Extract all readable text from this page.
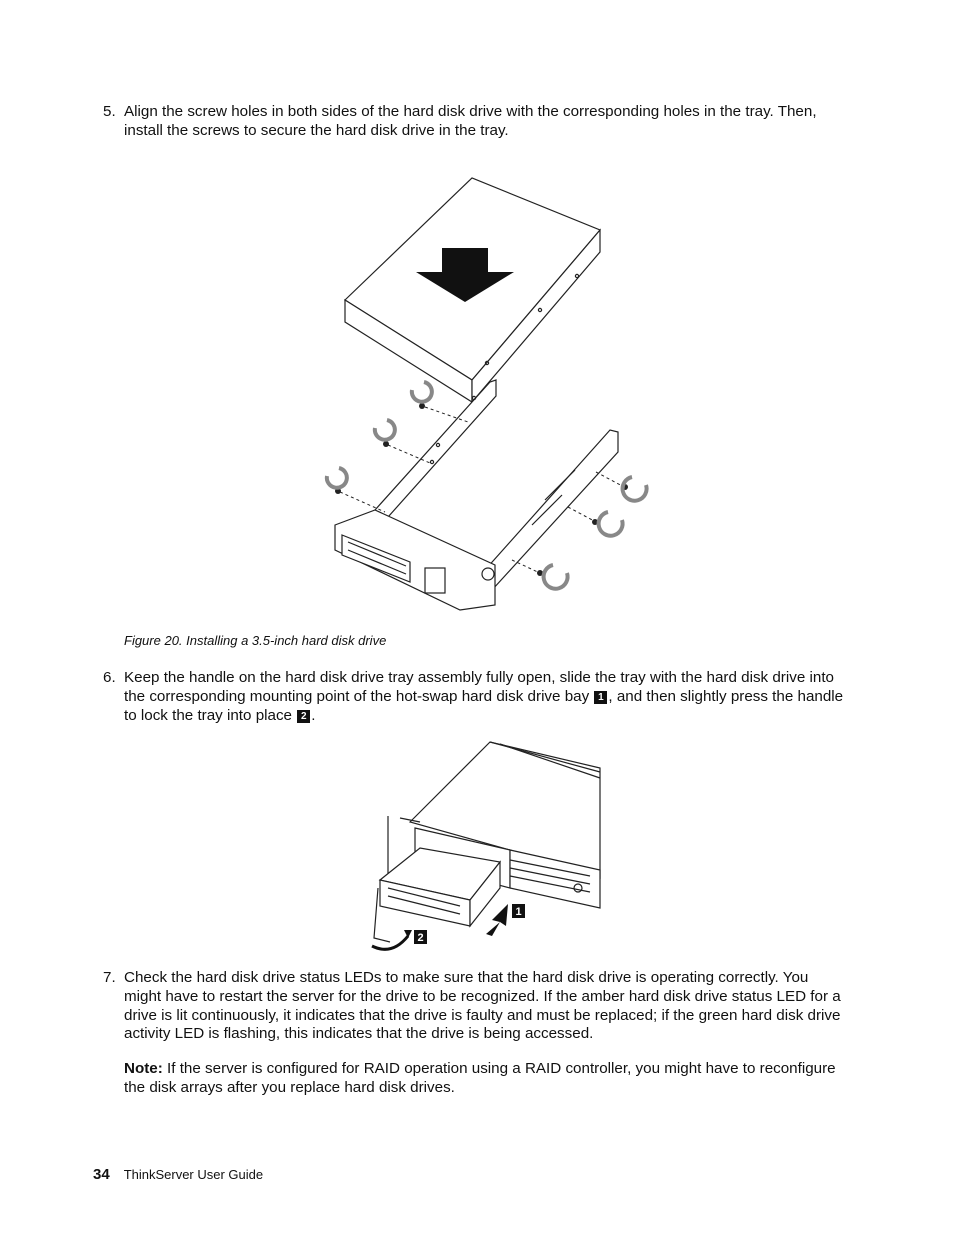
5. Align the screw holes in both sides of the hard disk drive with the corresponding holes in the tray. Then, install the screws to secure the hard disk drive in the tray.
Figure 20. Installing a 3.5-inch hard disk drive
6. Keep the handle on the hard disk drive tray assembly fully open, slide the tray with the hard disk drive into the corresponding mounting point of the hot-swap hard disk drive bay 1 , and then slightly press the handle to lock the tray into place 2 .
1
2
7. Check the hard disk drive status LEDs to make sure that the hard disk drive is operating correctly. You might have to restart the server for the drive to be recognized. If the amber hard disk drive status LED for a drive is lit continuously, it indicates that the drive is faulty and must be replaced; if the green hard disk drive activity LED is flashing, this indicates that the drive is being accessed.
Note: If the server is configured for RAID operation using a RAID controller, you might have to reconfigure the disk arrays after you replace hard disk drives.
34 ThinkServer User Guide
